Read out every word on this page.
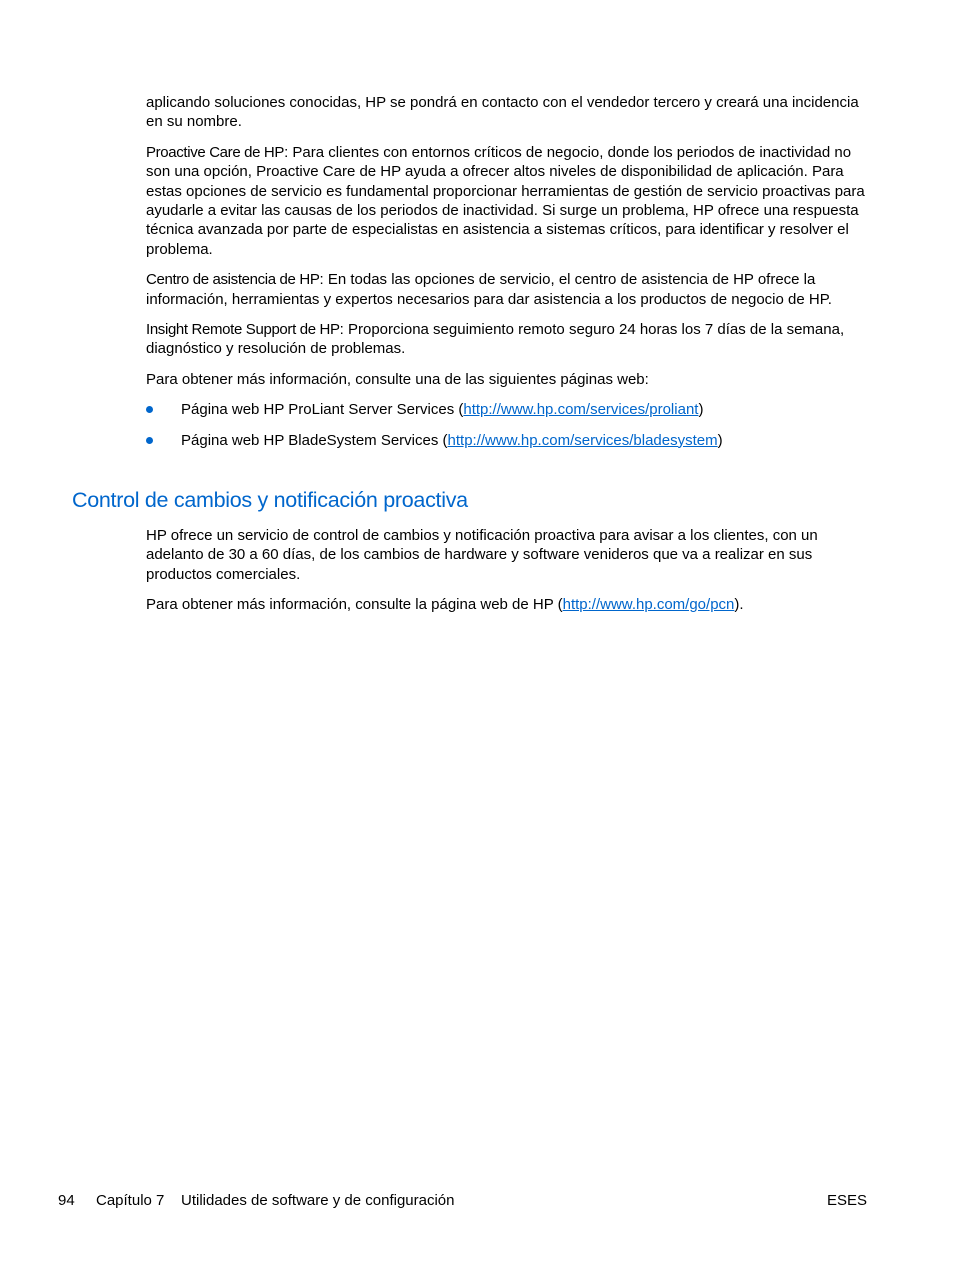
aplicando soluciones conocidas, HP se pondrá en contacto con el vendedor tercero y creará una incidencia en su nombre.

Proactive Care de HP: Para clientes con entornos críticos de negocio, donde los periodos de inactividad no son una opción, Proactive Care de HP ayuda a ofrecer altos niveles de disponibilidad de aplicación. Para estas opciones de servicio es fundamental proporcionar herramientas de gestión de servicio proactivas para ayudarle a evitar las causas de los periodos de inactividad. Si surge un problema, HP ofrece una respuesta técnica avanzada por parte de especialistas en asistencia a sistemas críticos, para identificar y resolver el problema.

Centro de asistencia de HP: En todas las opciones de servicio, el centro de asistencia de HP ofrece la información, herramientas y expertos necesarios para dar asistencia a los productos de negocio de HP.

Insight Remote Support de HP: Proporciona seguimiento remoto seguro 24 horas los 7 días de la semana, diagnóstico y resolución de problemas.

Para obtener más información, consulte una de las siguientes páginas web:

Página web HP ProLiant Server Services (http://www.hp.com/services/proliant)
Página web HP BladeSystem Services (http://www.hp.com/services/bladesystem)
Control de cambios y notificación proactiva

HP ofrece un servicio de control de cambios y notificación proactiva para avisar a los clientes, con un adelanto de 30 a 60 días, de los cambios de hardware y software venideros que va a realizar en sus productos comerciales.

Para obtener más información, consulte la página web de HP (http://www.hp.com/go/pcn).

94 Capítulo 7 Utilidades de software y de configuración	ESES
